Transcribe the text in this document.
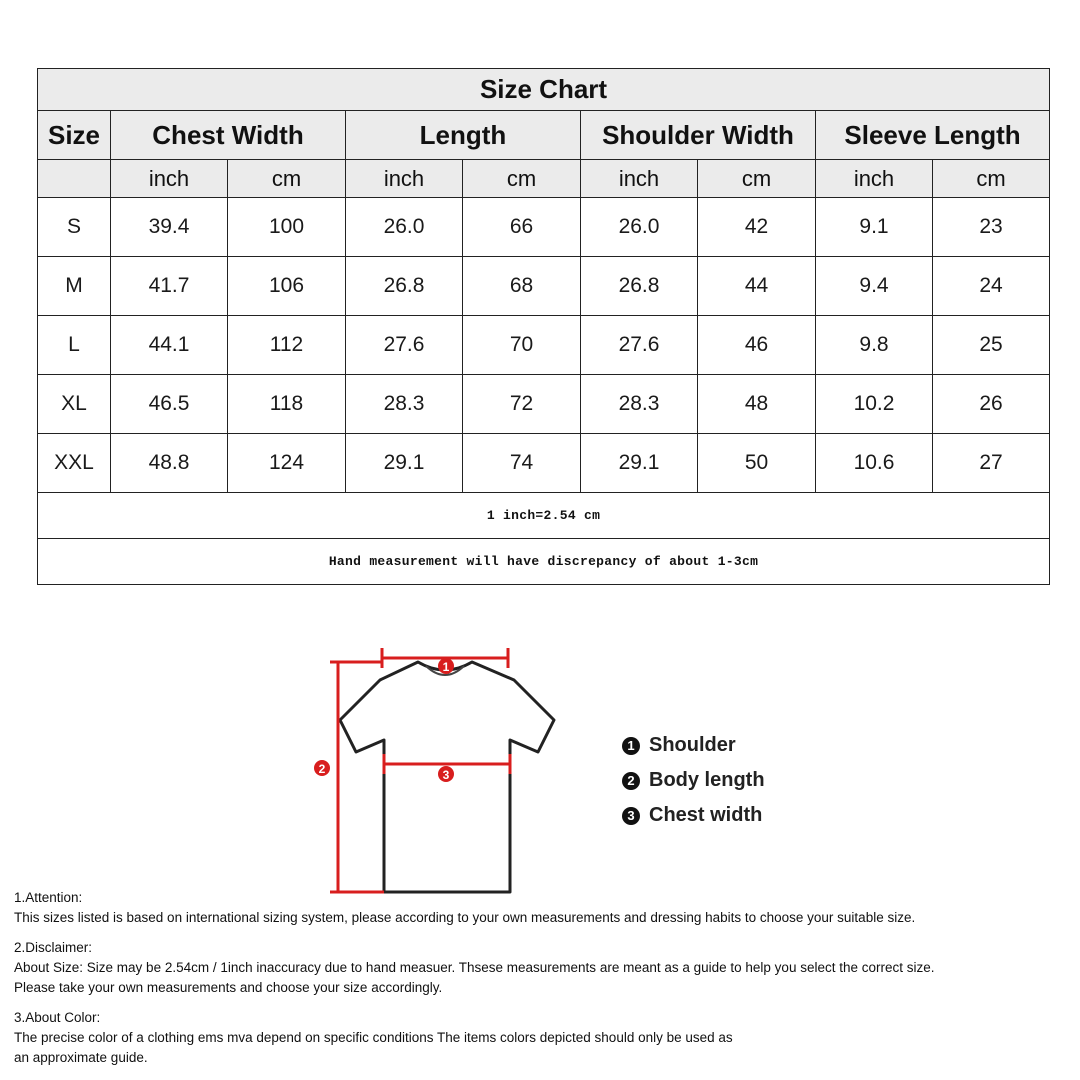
Size Chart								
Size	Chest Width		Length		Shoulder Width		Sleeve Length	
	inch	cm	inch	cm	inch	cm	inch	cm
S	39.4	100	26.0	66	26.0	42	9.1	23
M	41.7	106	26.8	68	26.8	44	9.4	24
L	44.1	112	27.6	70	27.6	46	9.8	25
XL	46.5	118	28.3	72	28.3	48	10.2	26
XXL	48.8	124	29.1	74	29.1	50	10.6	27
1 inch=2.54 cm								
Hand measurement will have discrepancy of about 1-3cm								
1
2	3
1 Shoulder
2 Body length
3 Chest width
1.Attention:
This sizes listed is based on international sizing system, please according to your own measurements and dressing habits to choose your suitable size.
2.Disclaimer:
About Size: Size may be 2.54cm / 1inch inaccuracy due to hand measuer. Thsese measurements are meant as a guide to help you select the correct size.
Please take your own measurements and choose your size accordingly.
3.About Color:
The precise color of a clothing ems mva depend on specific conditions The items colors depicted should only be used as
an approximate guide.
